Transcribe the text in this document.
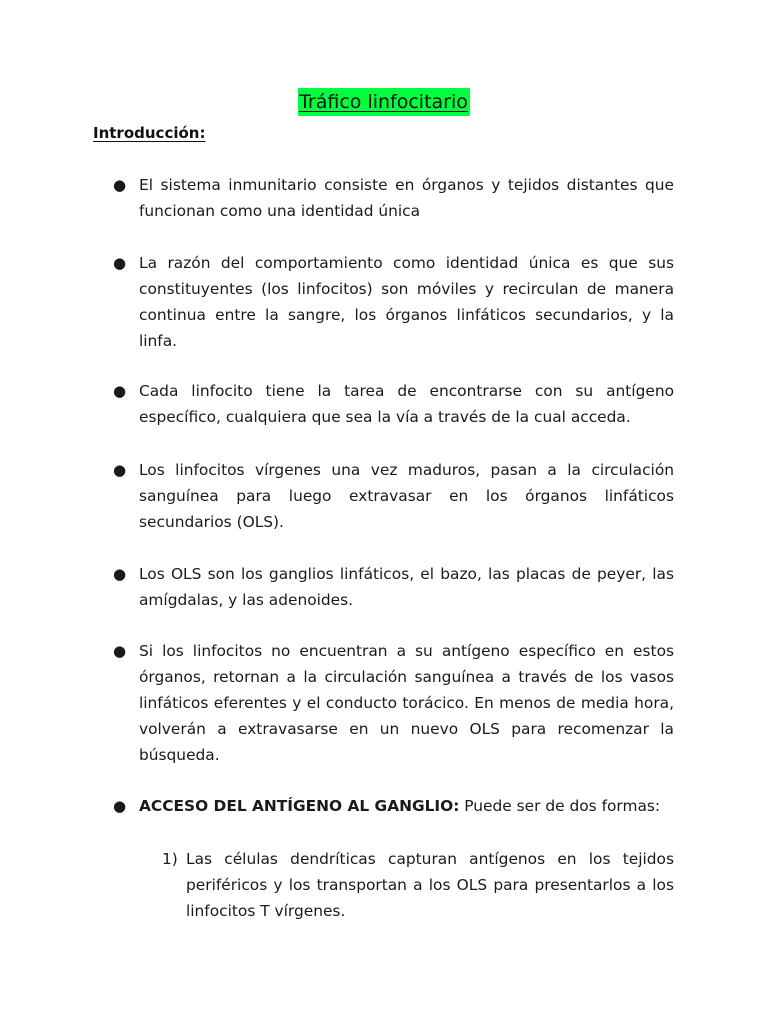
Tráfico linfocitario
Introducción:
● El sistema inmunitario consiste en órganos y tejidos distantes que funcionan como una identidad única
● La razón del comportamiento como identidad única es que sus constituyentes (los linfocitos) son móviles y recirculan de manera continua entre la sangre, los órganos linfáticos secundarios, y la linfa.
● Cada linfocito tiene la tarea de encontrarse con su antígeno específico, cualquiera que sea la vía a través de la cual acceda.
● Los linfocitos vírgenes una vez maduros, pasan a la circulación sanguínea para luego extravasar en los órganos linfáticos secundarios (OLS).
● Los OLS son los ganglios linfáticos, el bazo, las placas de peyer, las amígdalas, y las adenoides.
● Si los linfocitos no encuentran a su antígeno específico en estos órganos, retornan a la circulación sanguínea a través de los vasos linfáticos eferentes y el conducto torácico. En menos de media hora, volverán a extravasarse en un nuevo OLS para recomenzar la búsqueda.
● ACCESO DEL ANTÍGENO AL GANGLIO: Puede ser de dos formas:
1) Las células dendríticas capturan antígenos en los tejidos periféricos y los transportan a los OLS para presentarlos a los linfocitos T vírgenes.
